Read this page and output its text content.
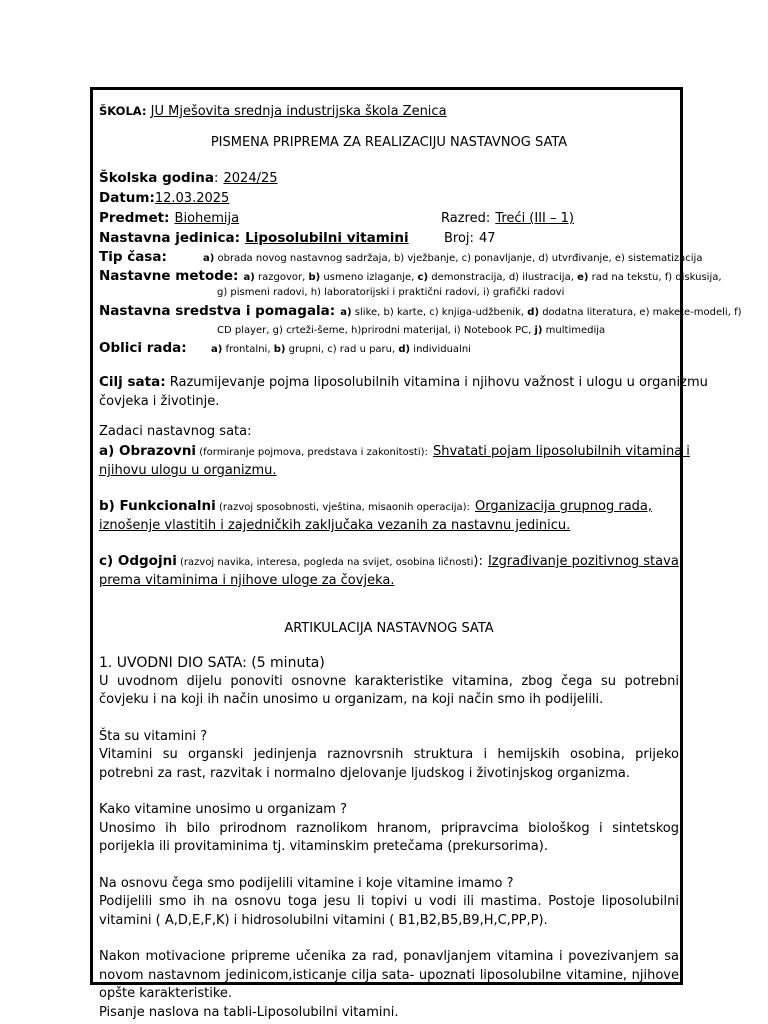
ŠKOLA: JU Mješovita srednja industrijska škola Zenica
PISMENA PRIPREMA ZA REALIZACIJU NASTAVNOG SATA
Školska godina: 2024/25
Datum:12.03.2025
Predmet: Biohemija	Razred: Treći (III – 1)
Nastavna jedinica: Liposolubilni vitamini	Broj: 47
Tip časa:	a) obrada novog nastavnog sadržaja, b) vježbanje, c) ponavljanje, d) utvrđivanje, e) sistematizacija
Nastavne metode: a) razgovor, b) usmeno izlaganje, c) demonstracija, d) ilustracija, e) rad na tekstu, f) diskusija,
g) pismeni radovi, h) laboratorijski i praktični radovi, i) grafički radovi
Nastavna sredstva i pomagala: a) slike, b) karte, c) knjiga-udžbenik, d) dodatna literatura, e) makete-modeli, f)
CD player, g) crteži-šeme, h)prirodni materijal, i) Notebook PC, j) multimedija
Oblici rada: a) frontalni, b) grupni, c) rad u paru, d) individualni
Cilj sata: Razumijevanje pojma liposolubilnih vitamina i njihovu važnost i ulogu u organizmu
čovjeka i životinje.
Zadaci nastavnog sata:
a) Obrazovni (formiranje pojmova, predstava i zakonitosti): Shvatati pojam liposolubilnih vitamina i
njihovu ulogu u organizmu.
b) Funkcionalni (razvoj sposobnosti, vještina, misaonih operacija): Organizacija grupnog rada,
iznošenje vlastitih i zajedničkih zaključaka vezanih za nastavnu jedinicu.
c) Odgojni (razvoj navika, interesa, pogleda na svijet, osobina ličnosti): Izgrađivanje pozitivnog stava
prema vitaminima i njihove uloge za čovjeka.
ARTIKULACIJA NASTAVNOG SATA
1. UVODNI DIO SATA: (5 minuta)
U uvodnom dijelu ponoviti osnovne karakteristike vitamina, zbog čega su potrebni čovjeku i na koji ih način unosimo u organizam, na koji način smo ih podijelili.
Šta su vitamini ?
Vitamini su organski jedinjenja raznovrsnih struktura i hemijskih osobina, prijeko potrebni za rast, razvitak i normalno djelovanje ljudskog i životinjskog organizma.
Kako vitamine unosimo u organizam ?
Unosimo ih bilo prirodnom raznolikom hranom, pripravcima biološkog i sintetskog porijekla ili provitaminima tj. vitaminskim pretečama (prekursorima).
Na osnovu čega smo podijelili vitamine i koje vitamine imamo ?
Podijelili smo ih na osnovu toga jesu li topivi u vodi ili mastima. Postoje liposolubilni vitamini ( A,D,E,F,K) i hidrosolubilni vitamini ( B1,B2,B5,B9,H,C,PP,P).
Nakon motivacione pripreme učenika za rad, ponavljanjem vitamina i povezivanjem sa novom nastavnom jedinicom,isticanje cilja sata- upoznati liposolubilne vitamine, njihove opšte karakteristike.
Pisanje naslova na tabli-Liposolubilni vitamini.
